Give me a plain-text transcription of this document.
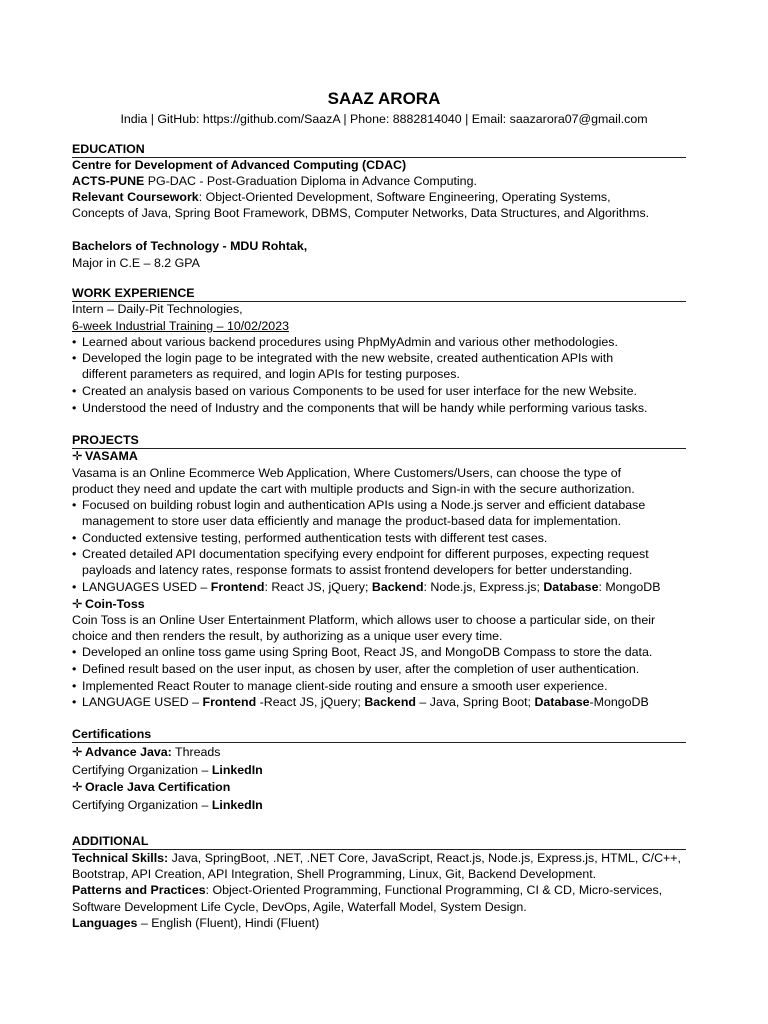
SAAZ ARORA
India | GitHub: https://github.com/SaazA | Phone: 8882814040 | Email: saazarora07@gmail.com
EDUCATION
Centre for Development of Advanced Computing (CDAC)
ACTS-PUNE PG-DAC - Post-Graduation Diploma in Advance Computing.
Relevant Coursework: Object-Oriented Development, Software Engineering, Operating Systems,
Concepts of Java, Spring Boot Framework, DBMS, Computer Networks, Data Structures, and Algorithms.
Bachelors of Technology - MDU Rohtak,
Major in C.E – 8.2 GPA
WORK EXPERIENCE
Intern – Daily-Pit Technologies,
6-week Industrial Training – 10/02/2023
• Learned about various backend procedures using PhpMyAdmin and various other methodologies.
• Developed the login page to be integrated with the new website, created authentication APIs with
different parameters as required, and login APIs for testing purposes.
• Created an analysis based on various Components to be used for user interface for the new Website.
• Understood the need of Industry and the components that will be handy while performing various tasks.
PROJECTS
✛ VASAMA
Vasama is an Online Ecommerce Web Application, Where Customers/Users, can choose the type of
product they need and update the cart with multiple products and Sign-in with the secure authorization.
• Focused on building robust login and authentication APIs using a Node.js server and efficient database
management to store user data efficiently and manage the product-based data for implementation.
• Conducted extensive testing, performed authentication tests with different test cases.
• Created detailed API documentation specifying every endpoint for different purposes, expecting request
payloads and latency rates, response formats to assist frontend developers for better understanding.
• LANGUAGES USED – Frontend: React JS, jQuery; Backend: Node.js, Express.js; Database: MongoDB
✛ Coin-Toss
Coin Toss is an Online User Entertainment Platform, which allows user to choose a particular side, on their
choice and then renders the result, by authorizing as a unique user every time.
• Developed an online toss game using Spring Boot, React JS, and MongoDB Compass to store the data.
• Defined result based on the user input, as chosen by user, after the completion of user authentication.
• Implemented React Router to manage client-side routing and ensure a smooth user experience.
• LANGUAGE USED – Frontend -React JS, jQuery; Backend – Java, Spring Boot; Database-MongoDB
Certifications
✛ Advance Java: Threads
Certifying Organization – LinkedIn
✛ Oracle Java Certification
Certifying Organization – LinkedIn
ADDITIONAL
Technical Skills: Java, SpringBoot, .NET, .NET Core, JavaScript, React.js, Node.js, Express.js, HTML, C/C++,
Bootstrap, API Creation, API Integration, Shell Programming, Linux, Git, Backend Development.
Patterns and Practices: Object-Oriented Programming, Functional Programming, CI & CD, Micro-services,
Software Development Life Cycle, DevOps, Agile, Waterfall Model, System Design.
Languages – English (Fluent), Hindi (Fluent)
